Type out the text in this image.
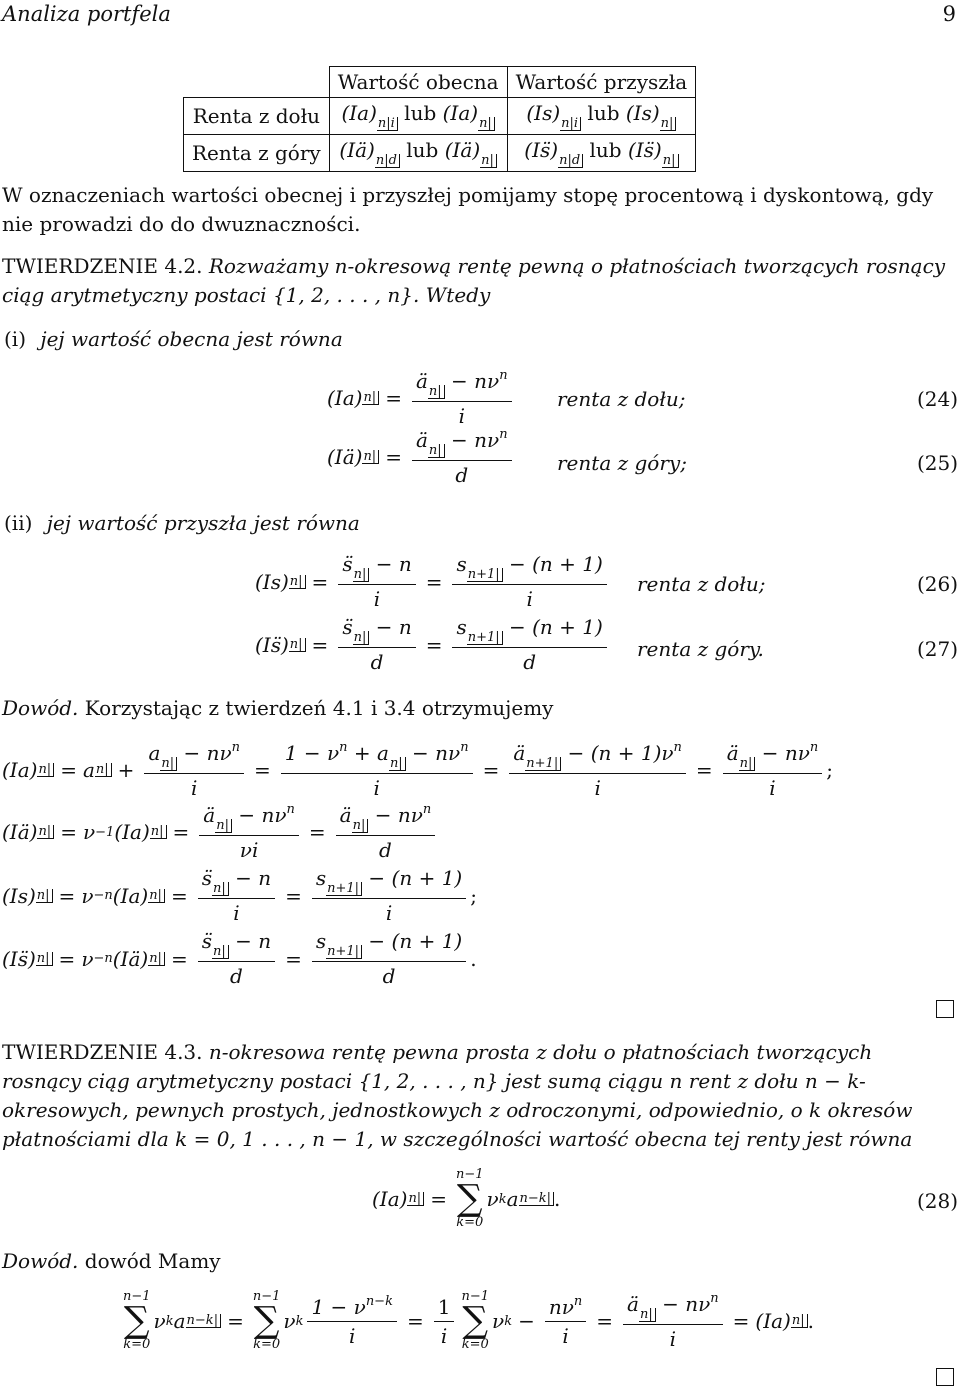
Analiza portfela	9
	Wartość obecna	Wartość przyszła
Renta z dołu	(Ia)n|i lub (Ia)n|	(Is)n|i lub (Is)n|
Renta z góry	(Iä)n|d lub (Iä)n|	(Is̈)n|d lub (Is̈)n|
W oznaczeniach wartości obecnej i przyszłej pomijamy stopę procentową i dyskontową, gdy nie prowadzi do do dwuznaczności.
TWIERDZENIE 4.2. Rozważamy n-okresową rentę pewną o płatnościach tworzących rosnący ciąg arytmetyczny postaci {1, 2, . . . , n}. Wtedy
(i) jej wartość obecna jest równa
(Ia) $n| = \frac{än| - n\nu^n}{i}$ renta z dołu;	(24)
(Iä) $n| = \frac{än| - n\nu^n}{d}$ renta z góry;	(25)
(ii) jej wartość przyszła jest równa
(Is) $n| = \frac{s̈n| - n}{i} = \frac{sn+1| - (n + 1)}{i}$ renta z dołu;	(26)
(Is̈) $n| = \frac{s̈n| - n}{d} = \frac{sn+1| - (n + 1)}{d}$ renta z góry.	(27)
Dowód. Korzystając z twierdzeń 4.1 i 3.4 otrzymujemy
(Ia) n| = a $n| + \frac{an| - n\nu^n}{i} = \frac{1 - \nu^n + an| - n\nu^n}{i} = \frac{än+1| - (n + 1)\nu^n}{i} = \frac{än| - n\nu^n}{i}$ ;
(Iä) n| = ν −1 (Ia) $n| = \frac{än| - n\nu^n}{\nu i} = \frac{än| - n\nu^n}{d}$
(Is) n| = ν −n (Ia) $n| = \frac{s̈n| - n}{i} = \frac{sn+1| - (n + 1)}{i}$ ;
(Is̈) n| = ν −n (Iä) $n| = \frac{s̈n| - n}{d} = \frac{sn+1| - (n + 1)}{d}$ .
TWIERDZENIE 4.3. n-okresowa rentę pewna prosta z dołu o płatnościach tworzących rosnący ciąg arytmetyczny postaci {1, 2, . . . , n} jest sumą ciągu n rent z dołu n − k-okresowych, pewnych prostych, jednostkowych z odroczonymi, odpowiednio, o k okresów płatnościami dla k = 0, 1 . . . , n − 1, w szczególności wartość obecna tej renty jest równa
(Ia) n| =
n−1
∑
k=0
ν k a n−k| .	(28)
Dowód. dowód Mamy
n−1
∑
k=0
ν k a n−k| =
n−1
∑
k=0
ν k $\frac{1 - \nu^{n-k}}{i} = \frac{1}{i} n-1$
∑
k=0
ν $k - \frac{n\nu^n}{i} = \frac{än| - n\nu^n}{i} = (Ia)$ n| .
